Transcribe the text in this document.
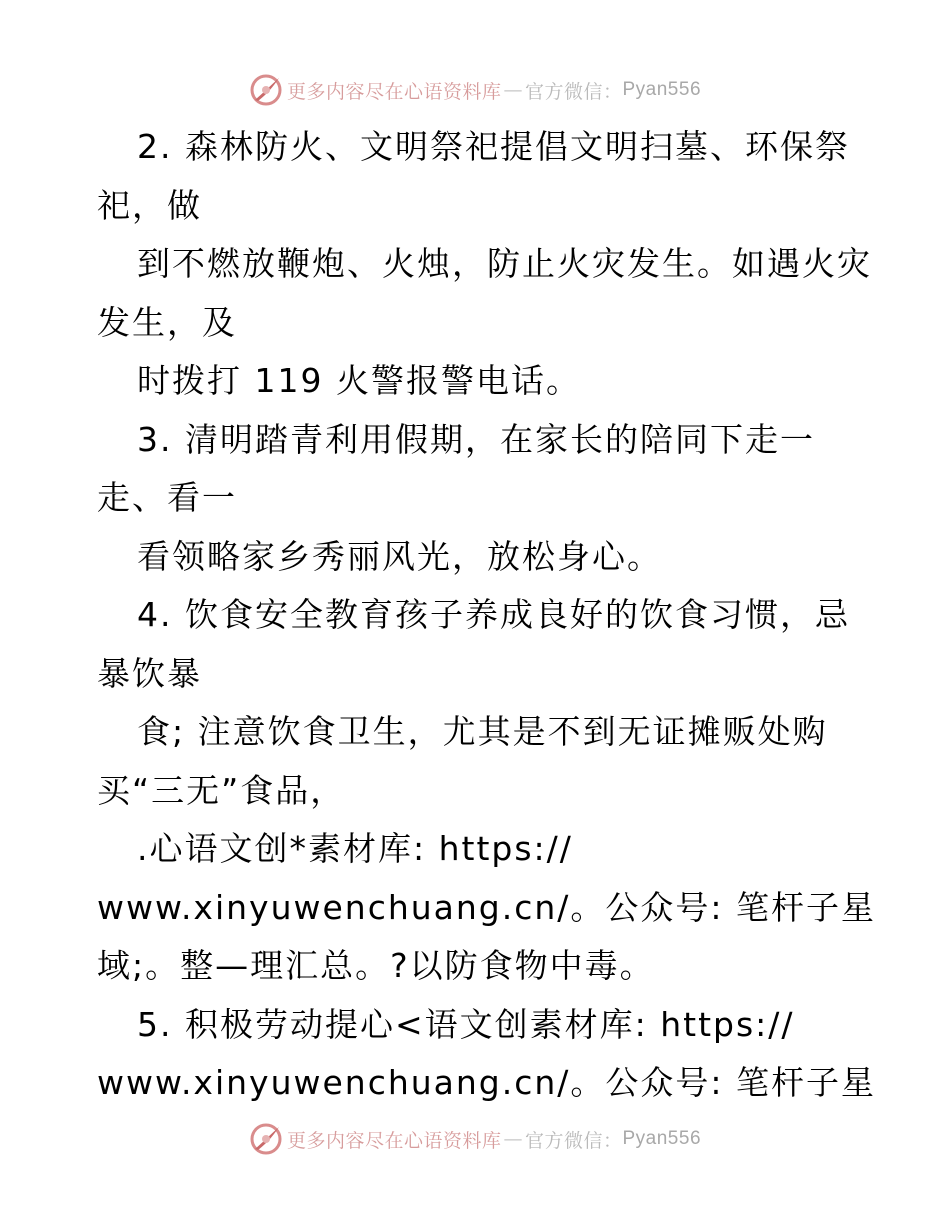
更多内容尽在心语资料库 — 官方微信： Pyan556
2. 森林防火、文明祭祀提倡文明扫墓、环保祭
祀，做
到不燃放鞭炮、火烛，防止火灾发生。如遇火灾
发生，及
时拨打 119 火警报警电话。
3. 清明踏青利用假期，在家长的陪同下走一
走、看一
看领略家乡秀丽风光，放松身心。
4. 饮食安全教育孩子养成良好的饮食习惯，忌
暴饮暴
食; 注意饮食卫生，尤其是不到无证摊贩处购
买“三无”食品，
.心语文创*素材库: https://
www.xinyuwenchuang.cn/。公众号: 笔杆子星
域;。整—理汇总。?以防食物中毒。
5. 积极劳动提心<语文创素材库: https://
www.xinyuwenchuang.cn/。公众号: 笔杆子星
更多内容尽在心语资料库 — 官方微信： Pyan556
